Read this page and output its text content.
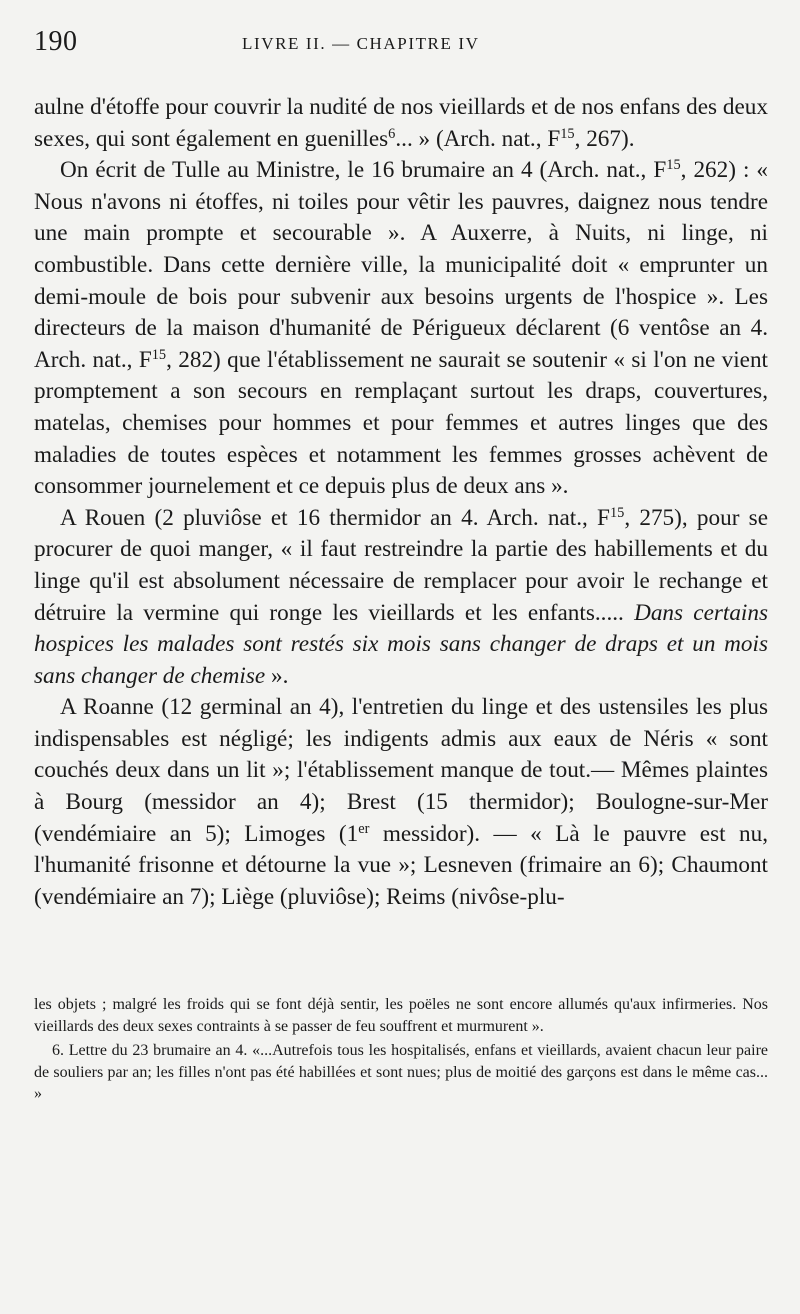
190	LIVRE II. — CHAPITRE IV

aulne d'étoffe pour couvrir la nudité de nos vieillards et de nos enfans des deux sexes, qui sont également en guenilles$^6$... » (Arch. nat., $F^{15}$, 267).

On écrit de Tulle au Ministre, le 16 brumaire an 4 (Arch. nat., $F^{15}$, 262) : « Nous n'avons ni étoffes, ni toiles pour vêtir les pauvres, daignez nous tendre une main prompte et secourable ». A Auxerre, à Nuits, ni linge, ni combustible. Dans cette dernière ville, la municipalité doit « emprunter un demi-moule de bois pour subvenir aux besoins urgents de l'hospice ». Les directeurs de la maison d'humanité de Périgueux déclarent (6 ventôse an 4. Arch. nat., $F^{15}$, 282) que l'établissement ne saurait se soutenir « si l'on ne vient promptement a son secours en remplaçant surtout les draps, couvertures, matelas, chemises pour hommes et pour femmes et autres linges que des maladies de toutes espèces et notamment les femmes grosses achèvent de consommer journelement et ce depuis plus de deux ans ».

A Rouen (2 pluviôse et 16 thermidor an 4. Arch. nat., $F^{15}$, 275), pour se procurer de quoi manger, « il faut restreindre la partie des habillements et du linge qu'il est absolument nécessaire de remplacer pour avoir le rechange et détruire la vermine qui ronge les vieillards et les enfants..... Dans certains hospices les malades sont restés six mois sans changer de draps et un mois sans changer de chemise ».

A Roanne (12 germinal an 4), l'entretien du linge et des ustensiles les plus indispensables est négligé; les indigents admis aux eaux de Néris « sont couchés deux dans un lit »; l'établissement manque de tout.— Mêmes plaintes à Bourg (messidor an 4); Brest (15 thermidor); Boulogne-sur-Mer (vendémiaire an 5); Limoges (1er messidor). — « Là le pauvre est nu, l'humanité frisonne et détourne la vue »; Lesneven (frimaire an 6); Chaumont (vendémiaire an 7); Liège (pluviôse); Reims (nivôse-plu-

les objets ; malgré les froids qui se font déjà sentir, les poëles ne sont encore allumés qu'aux infirmeries. Nos vieillards des deux sexes contraints à se passer de feu souffrent et murmurent ».

6. Lettre du 23 brumaire an 4. «...Autrefois tous les hospitalisés, enfans et vieillards, avaient chacun leur paire de souliers par an; les filles n'ont pas été habillées et sont nues; plus de moitié des garçons est dans le même cas... »
